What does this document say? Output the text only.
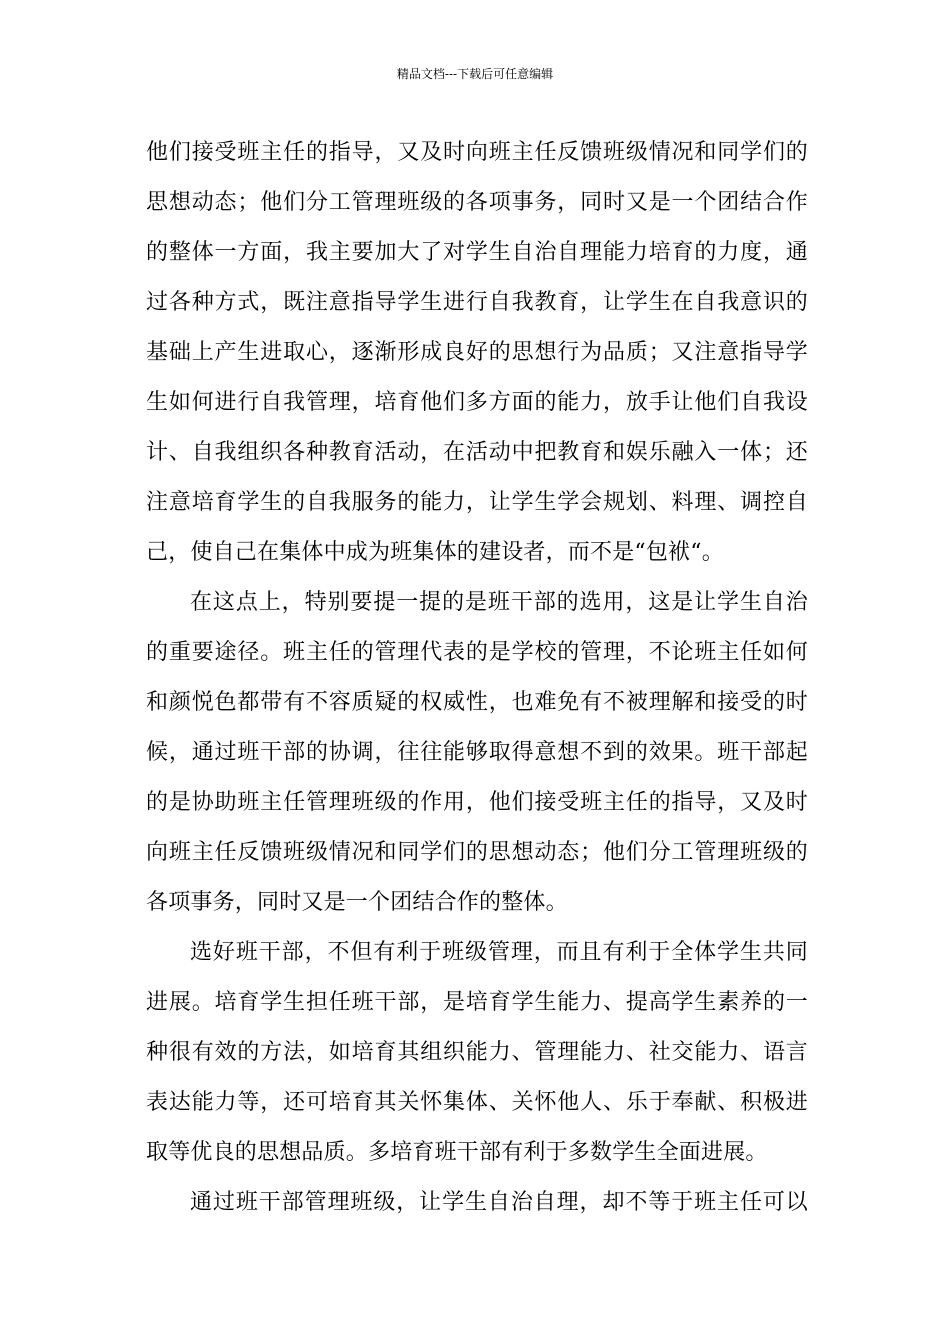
精品文档---下载后可任意编辑
他们接受班主任的指导，又及时向班主任反馈班级情况和同学们的
思想动态；他们分工管理班级的各项事务，同时又是一个团结合作
的整体一方面，我主要加大了对学生自治自理能力培育的力度，通
过各种方式，既注意指导学生进行自我教育，让学生在自我意识的
基础上产生进取心，逐渐形成良好的思想行为品质；又注意指导学
生如何进行自我管理，培育他们多方面的能力，放手让他们自我设
计、自我组织各种教育活动，在活动中把教育和娱乐融入一体；还
注意培育学生的自我服务的能力，让学生学会规划、料理、调控自
己，使自己在集体中成为班集体的建设者，而不是“包袱“。
在这点上，特别要提一提的是班干部的选用，这是让学生自治
的重要途径。班主任的管理代表的是学校的管理，不论班主任如何
和颜悦色都带有不容质疑的权威性，也难免有不被理解和接受的时
候，通过班干部的协调，往往能够取得意想不到的效果。班干部起
的是协助班主任管理班级的作用，他们接受班主任的指导，又及时
向班主任反馈班级情况和同学们的思想动态；他们分工管理班级的
各项事务，同时又是一个团结合作的整体。
选好班干部，不但有利于班级管理，而且有利于全体学生共同
进展。培育学生担任班干部，是培育学生能力、提高学生素养的一
种很有效的方法，如培育其组织能力、管理能力、社交能力、语言
表达能力等，还可培育其关怀集体、关怀他人、乐于奉献、积极进
取等优良的思想品质。多培育班干部有利于多数学生全面进展。
通过班干部管理班级，让学生自治自理，却不等于班主任可以
